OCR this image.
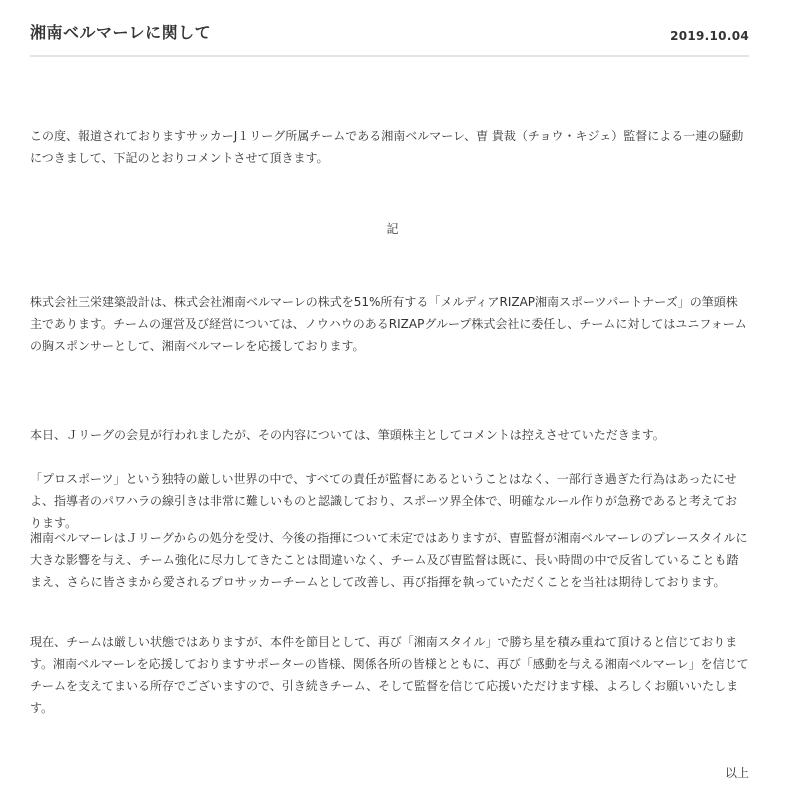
湘南ベルマーレに関して	2019.10.04

この度、報道されておりますサッカーJ１リーグ所属チームである湘南ベルマーレ、曺 貴裁（チョウ・キジェ）監督による一連の騒動につきまして、下記のとおりコメントさせて頂きます。

記

株式会社三栄建築設計は、株式会社湘南ベルマーレの株式を51%所有する「メルディアRIZAP湘南スポーツパートナーズ」の筆頭株主であります。チームの運営及び経営については、ノウハウのあるRIZAPグループ株式会社に委任し、チームに対してはユニフォームの胸スポンサーとして、湘南ベルマーレを応援しております。

本日、Ｊリーグの会見が行われましたが、その内容については、筆頭株主としてコメントは控えさせていただきます。

「プロスポーツ」という独特の厳しい世界の中で、すべての責任が監督にあるということはなく、一部行き過ぎた行為はあったにせよ、指導者のパワハラの線引きは非常に難しいものと認識しており、スポーツ界全体で、明確なルール作りが急務であると考えております。

湘南ベルマーレはＪリーグからの処分を受け、今後の指揮について未定ではありますが、曺監督が湘南ベルマーレのプレースタイルに大きな影響を与え、チーム強化に尽力してきたことは間違いなく、チーム及び曺監督は既に、長い時間の中で反省していることも踏まえ、さらに皆さまから愛されるプロサッカーチームとして改善し、再び指揮を執っていただくことを当社は期待しております。

現在、チームは厳しい状態ではありますが、本件を節目として、再び「湘南スタイル」で勝ち星を積み重ねて頂けると信じております。湘南ベルマーレを応援しておりますサポーターの皆様、関係各所の皆様とともに、再び「感動を与える湘南ベルマーレ」を信じてチームを支えてまいる所存でございますので、引き続きチーム、そして監督を信じて応援いただけます様、よろしくお願いいたします。

以上
